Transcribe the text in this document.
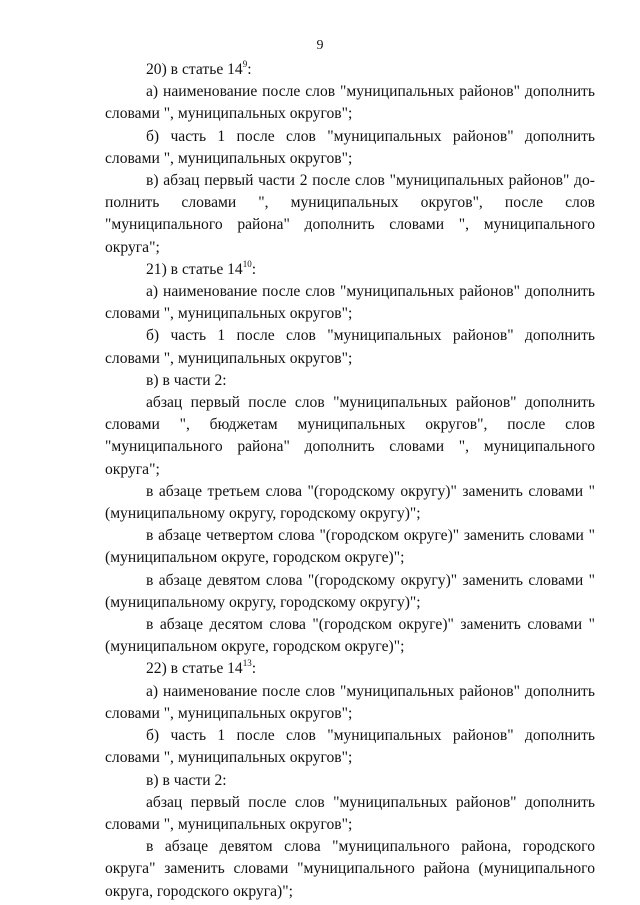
9

20) в статье $14^9$:

а) наименование после слов "муниципальных районов" дополнить словами ", муниципальных округов";

б) часть 1 после слов "муниципальных районов" дополнить словами ", муниципальных округов";

в) абзац первый части 2 после слов "муниципальных районов" дополнить словами ", муниципальных округов", после слов "муниципального района" дополнить словами ", муниципального округа";

21) в статье $14^{10}$:

а) наименование после слов "муниципальных районов" дополнить словами ", муниципальных округов";

б) часть 1 после слов "муниципальных районов" дополнить словами ", муниципальных округов";

в) в части 2:

абзац первый после слов "муниципальных районов" дополнить словами ", бюджетам муниципальных округов", после слов "муниципального района" дополнить словами ", муниципального округа";

в абзаце третьем слова "(городскому округу)" заменить словами "(муниципальному округу, городскому округу)";

в абзаце четвертом слова "(городском округе)" заменить словами "(муниципальном округе, городском округе)";

в абзаце девятом слова "(городскому округу)" заменить словами "(муниципальному округу, городскому округу)";

в абзаце десятом слова "(городском округе)" заменить словами "(муниципальном округе, городском округе)";

22) в статье $14^{13}$:

а) наименование после слов "муниципальных районов" дополнить словами ", муниципальных округов";

б) часть 1 после слов "муниципальных районов" дополнить словами ", муниципальных округов";

в) в части 2:

абзац первый после слов "муниципальных районов" дополнить словами ", муниципальных округов";

в абзаце девятом слова "муниципального района, городского округа" заменить словами "муниципального района (муниципального округа, городского округа)";
